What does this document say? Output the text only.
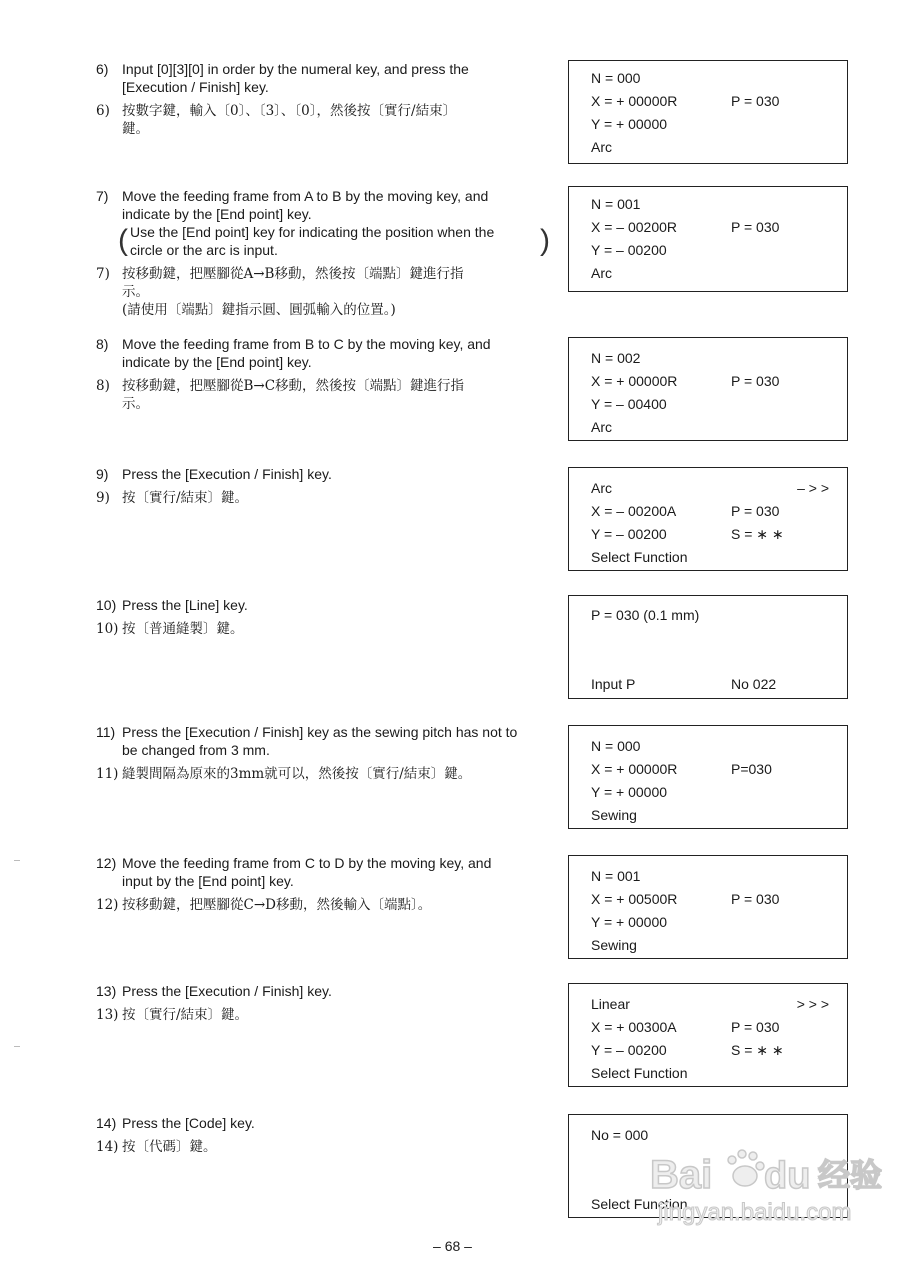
6) Input [0][3][0] in order by the numeral key, and press the
[Execution / Finish] key.
6) 按數字鍵，輸入〔0〕、〔3〕、〔0〕，然後按〔實行/結束〕
鍵。
7) Move the feeding frame from A to B by the moving key, and
indicate by the [End point] key.
( Use the [End point] key for indicating the position when the
circle or the arc is input.	)
7) 按移動鍵，把壓腳從A→B移動，然後按〔端點〕鍵進行指
示。
(請使用〔端點〕鍵指示圓、圓弧輸入的位置。)
8) Move the feeding frame from B to C by the moving key, and
indicate by the [End point] key.
8) 按移動鍵，把壓腳從B→C移動，然後按〔端點〕鍵進行指
示。
9) Press the [Execution / Finish] key.
9) 按〔實行/結束〕鍵。
10) Press the [Line] key.
10) 按〔普通縫製〕鍵。
11) Press the [Execution / Finish] key as the sewing pitch has not to
be changed from 3 mm.
11) 縫製間隔為原來的3mm就可以，然後按〔實行/結束〕鍵。
12) Move the feeding frame from C to D by the moving key, and
input by the [End point] key.
12) 按移動鍵，把壓腳從C→D移動，然後輸入〔端點〕。
13) Press the [Execution / Finish] key.
13) 按〔實行/結束〕鍵。
14) Press the [Code] key.
14) 按〔代碼〕鍵。
N = 000
X = + 00000R	P = 030
Y = + 00000
Arc
N = 001
X = – 00200R	P = 030
Y = – 00200
Arc
N = 002
X = + 00000R	P = 030
Y = – 00400
Arc
Arc	– > >
X = – 00200A	P = 030
Y = – 00200	S = ∗ ∗
Select Function
P = 030 (0.1 mm)
Input P	No 022
N = 000
X = + 00000R	P=030
Y = + 00000
Sewing
N = 001
X = + 00500R	P = 030
Y = + 00000
Sewing
Linear	> > >
X = + 00300A	P = 030
Y = – 00200	S = ∗ ∗
Select Function
No = 000
Select Function
Bai du 经验
jingyan.baidu.com
– 68 –
